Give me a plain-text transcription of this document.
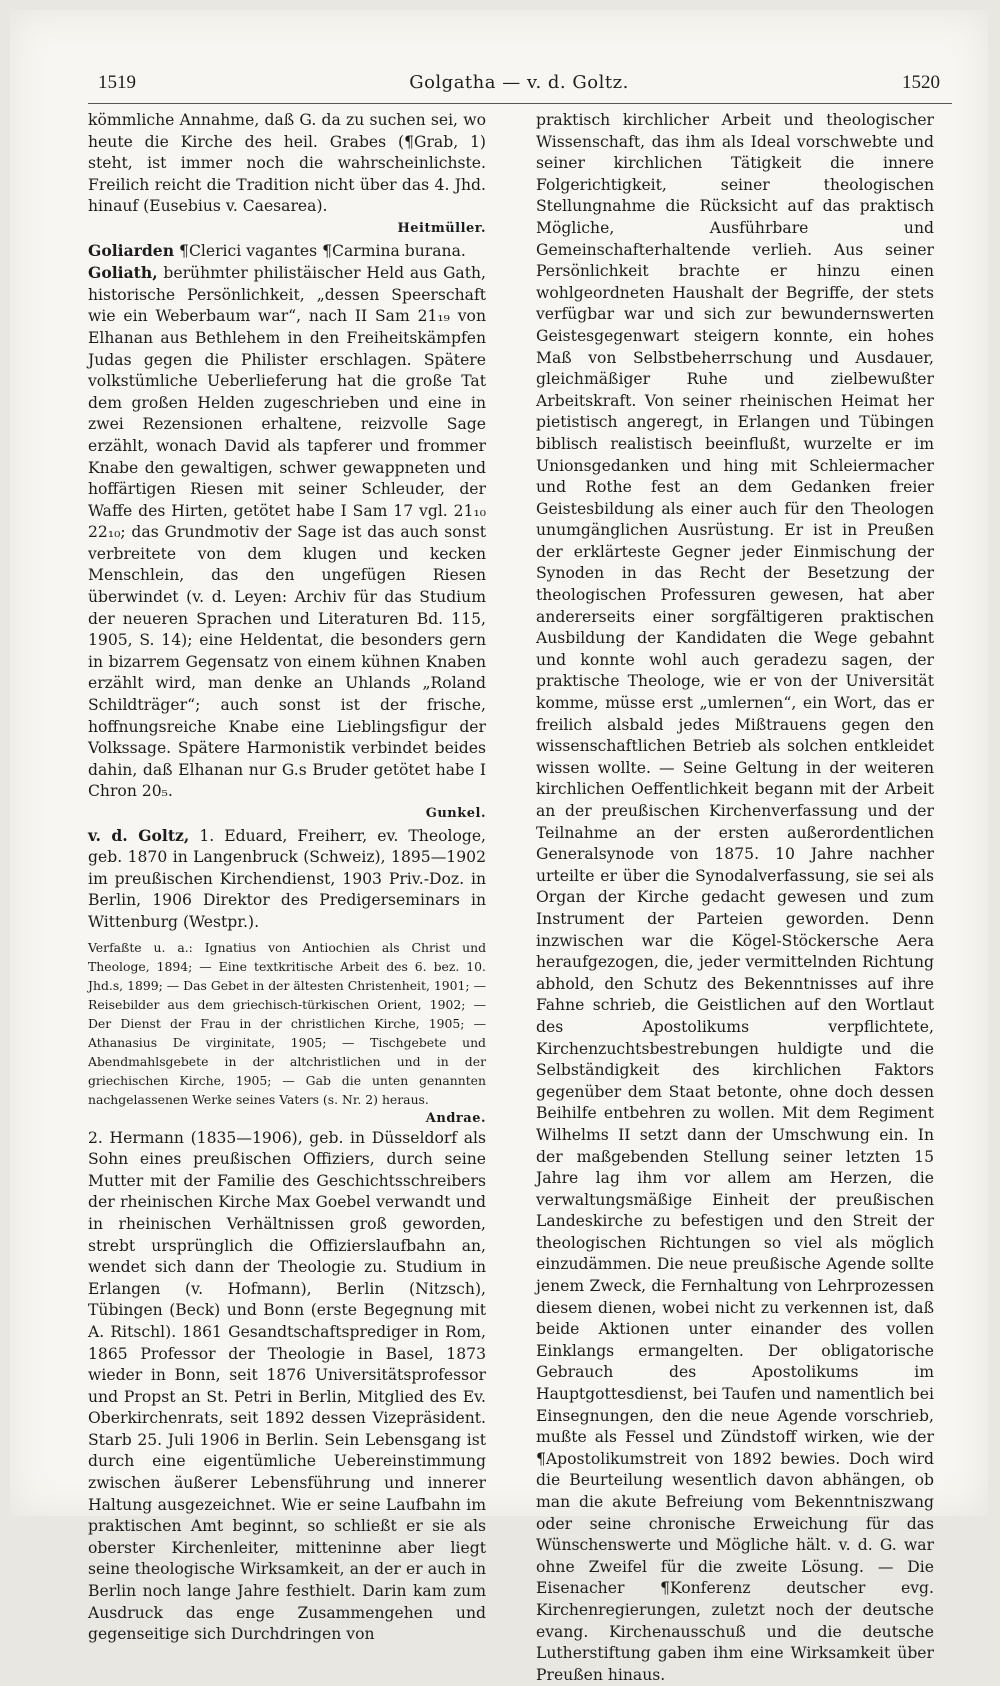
1519	Golgatha — v. d. Goltz.	1520

kömmliche Annahme, daß G. da zu suchen sei, wo heute die Kirche des heil. Grabes (¶Grab, 1) steht, ist immer noch die wahrscheinlichste. Freilich reicht die Tradition nicht über das 4. Jhd. hinauf (Eusebius v. Caesarea).
Heitmüller.

Goliarden ¶Clerici vagantes ¶Carmina burana.

Goliath, berühmter philistäischer Held aus Gath, historische Persönlichkeit, „dessen Speerschaft wie ein Weberbaum war“, nach II Sam 21₁₉ von Elhanan aus Bethlehem in den Freiheitskämpfen Judas gegen die Philister erschlagen. Spätere volkstümliche Ueberlieferung hat die große Tat dem großen Helden zugeschrieben und eine in zwei Rezensionen erhaltene, reizvolle Sage erzählt, wonach David als tapferer und frommer Knabe den gewaltigen, schwer gewappneten und hoffärtigen Riesen mit seiner Schleuder, der Waffe des Hirten, getötet habe I Sam 17 vgl. 21₁₀ 22₁₀; das Grundmotiv der Sage ist das auch sonst verbreitete von dem klugen und kecken Menschlein, das den ungefügen Riesen überwindet (v. d. Leyen: Archiv für das Studium der neueren Sprachen und Literaturen Bd. 115, 1905, S. 14); eine Heldentat, die besonders gern in bizarrem Gegensatz von einem kühnen Knaben erzählt wird, man denke an Uhlands „Roland Schildträger“; auch sonst ist der frische, hoffnungsreiche Knabe eine Lieblingsfigur der Volkssage. Spätere Harmonistik verbindet beides dahin, daß Elhanan nur G.s Bruder getötet habe I Chron 20₅.
Gunkel.

v. d. Goltz, 1. Eduard, Freiherr, ev. Theologe, geb. 1870 in Langenbruck (Schweiz), 1895—1902 im preußischen Kirchendienst, 1903 Priv.-Doz. in Berlin, 1906 Direktor des Predigerseminars in Wittenburg (Westpr.).

Verfaßte u. a.: Ignatius von Antiochien als Christ und Theologe, 1894; — Eine textkritische Arbeit des 6. bez. 10. Jhd.s, 1899; — Das Gebet in der ältesten Christenheit, 1901; — Reisebilder aus dem griechisch-türkischen Orient, 1902; — Der Dienst der Frau in der christlichen Kirche, 1905; — Athanasius De virginitate, 1905; — Tischgebete und Abendmahlsgebete in der altchristlichen und in der griechischen Kirche, 1905; — Gab die unten genannten nachgelassenen Werke seines Vaters (s. Nr. 2) heraus.
Andrae.

2. Hermann (1835—1906), geb. in Düsseldorf als Sohn eines preußischen Offiziers, durch seine Mutter mit der Familie des Geschichtsschreibers der rheinischen Kirche Max Goebel verwandt und in rheinischen Verhältnissen groß geworden, strebt ursprünglich die Offizierslaufbahn an, wendet sich dann der Theologie zu. Studium in Erlangen (v. Hofmann), Berlin (Nitzsch), Tübingen (Beck) und Bonn (erste Begegnung mit A. Ritschl). 1861 Gesandtschaftsprediger in Rom, 1865 Professor der Theologie in Basel, 1873 wieder in Bonn, seit 1876 Universitätsprofessor und Propst an St. Petri in Berlin, Mitglied des Ev. Oberkirchenrats, seit 1892 dessen Vizepräsident. Starb 25. Juli 1906 in Berlin. Sein Lebensgang ist durch eine eigentümliche Uebereinstimmung zwischen äußerer Lebensführung und innerer Haltung ausgezeichnet. Wie er seine Laufbahn im praktischen Amt beginnt, so schließt er sie als oberster Kirchenleiter, mitteninne aber liegt seine theologische Wirksamkeit, an der er auch in Berlin noch lange Jahre festhielt. Darin kam zum Ausdruck das enge Zusammengehen und gegenseitige sich Durchdringen von

praktisch kirchlicher Arbeit und theologischer Wissenschaft, das ihm als Ideal vorschwebte und seiner kirchlichen Tätigkeit die innere Folgerichtigkeit, seiner theologischen Stellungnahme die Rücksicht auf das praktisch Mögliche, Ausführbare und Gemeinschafterhaltende verlieh. Aus seiner Persönlichkeit brachte er hinzu einen wohlgeordneten Haushalt der Begriffe, der stets verfügbar war und sich zur bewundernswerten Geistesgegenwart steigern konnte, ein hohes Maß von Selbstbeherrschung und Ausdauer, gleichmäßiger Ruhe und zielbewußter Arbeitskraft. Von seiner rheinischen Heimat her pietistisch angeregt, in Erlangen und Tübingen biblisch realistisch beeinflußt, wurzelte er im Unionsgedanken und hing mit Schleiermacher und Rothe fest an dem Gedanken freier Geistesbildung als einer auch für den Theologen unumgänglichen Ausrüstung. Er ist in Preußen der erklärteste Gegner jeder Einmischung der Synoden in das Recht der Besetzung der theologischen Professuren gewesen, hat aber andererseits einer sorgfältigeren praktischen Ausbildung der Kandidaten die Wege gebahnt und konnte wohl auch geradezu sagen, der praktische Theologe, wie er von der Universität komme, müsse erst „umlernen“, ein Wort, das er freilich alsbald jedes Mißtrauens gegen den wissenschaftlichen Betrieb als solchen entkleidet wissen wollte. — Seine Geltung in der weiteren kirchlichen Oeffentlichkeit begann mit der Arbeit an der preußischen Kirchenverfassung und der Teilnahme an der ersten außerordentlichen Generalsynode von 1875. 10 Jahre nachher urteilte er über die Synodalverfassung, sie sei als Organ der Kirche gedacht gewesen und zum Instrument der Parteien geworden. Denn inzwischen war die Kögel-Stöckersche Aera heraufgezogen, die, jeder vermittelnden Richtung abhold, den Schutz des Bekenntnisses auf ihre Fahne schrieb, die Geistlichen auf den Wortlaut des Apostolikums verpflichtete, Kirchenzuchtsbestrebungen huldigte und die Selbständigkeit des kirchlichen Faktors gegenüber dem Staat betonte, ohne doch dessen Beihilfe entbehren zu wollen. Mit dem Regiment Wilhelms II setzt dann der Umschwung ein. In der maßgebenden Stellung seiner letzten 15 Jahre lag ihm vor allem am Herzen, die verwaltungsmäßige Einheit der preußischen Landeskirche zu befestigen und den Streit der theologischen Richtungen so viel als möglich einzudämmen. Die neue preußische Agende sollte jenem Zweck, die Fernhaltung von Lehrprozessen diesem dienen, wobei nicht zu verkennen ist, daß beide Aktionen unter einander des vollen Einklangs ermangelten. Der obligatorische Gebrauch des Apostolikums im Hauptgottesdienst, bei Taufen und namentlich bei Einsegnungen, den die neue Agende vorschrieb, mußte als Fessel und Zündstoff wirken, wie der ¶Apostolikumstreit von 1892 bewies. Doch wird die Beurteilung wesentlich davon abhängen, ob man die akute Befreiung vom Bekenntniszwang oder seine chronische Erweichung für das Wünschenswerte und Mögliche hält. v. d. G. war ohne Zweifel für die zweite Lösung. — Die Eisenacher ¶Konferenz deutscher evg. Kirchenregierungen, zuletzt noch der deutsche evang. Kirchenausschuß und die deutsche Lutherstiftung gaben ihm eine Wirksamkeit über Preußen hinaus.
